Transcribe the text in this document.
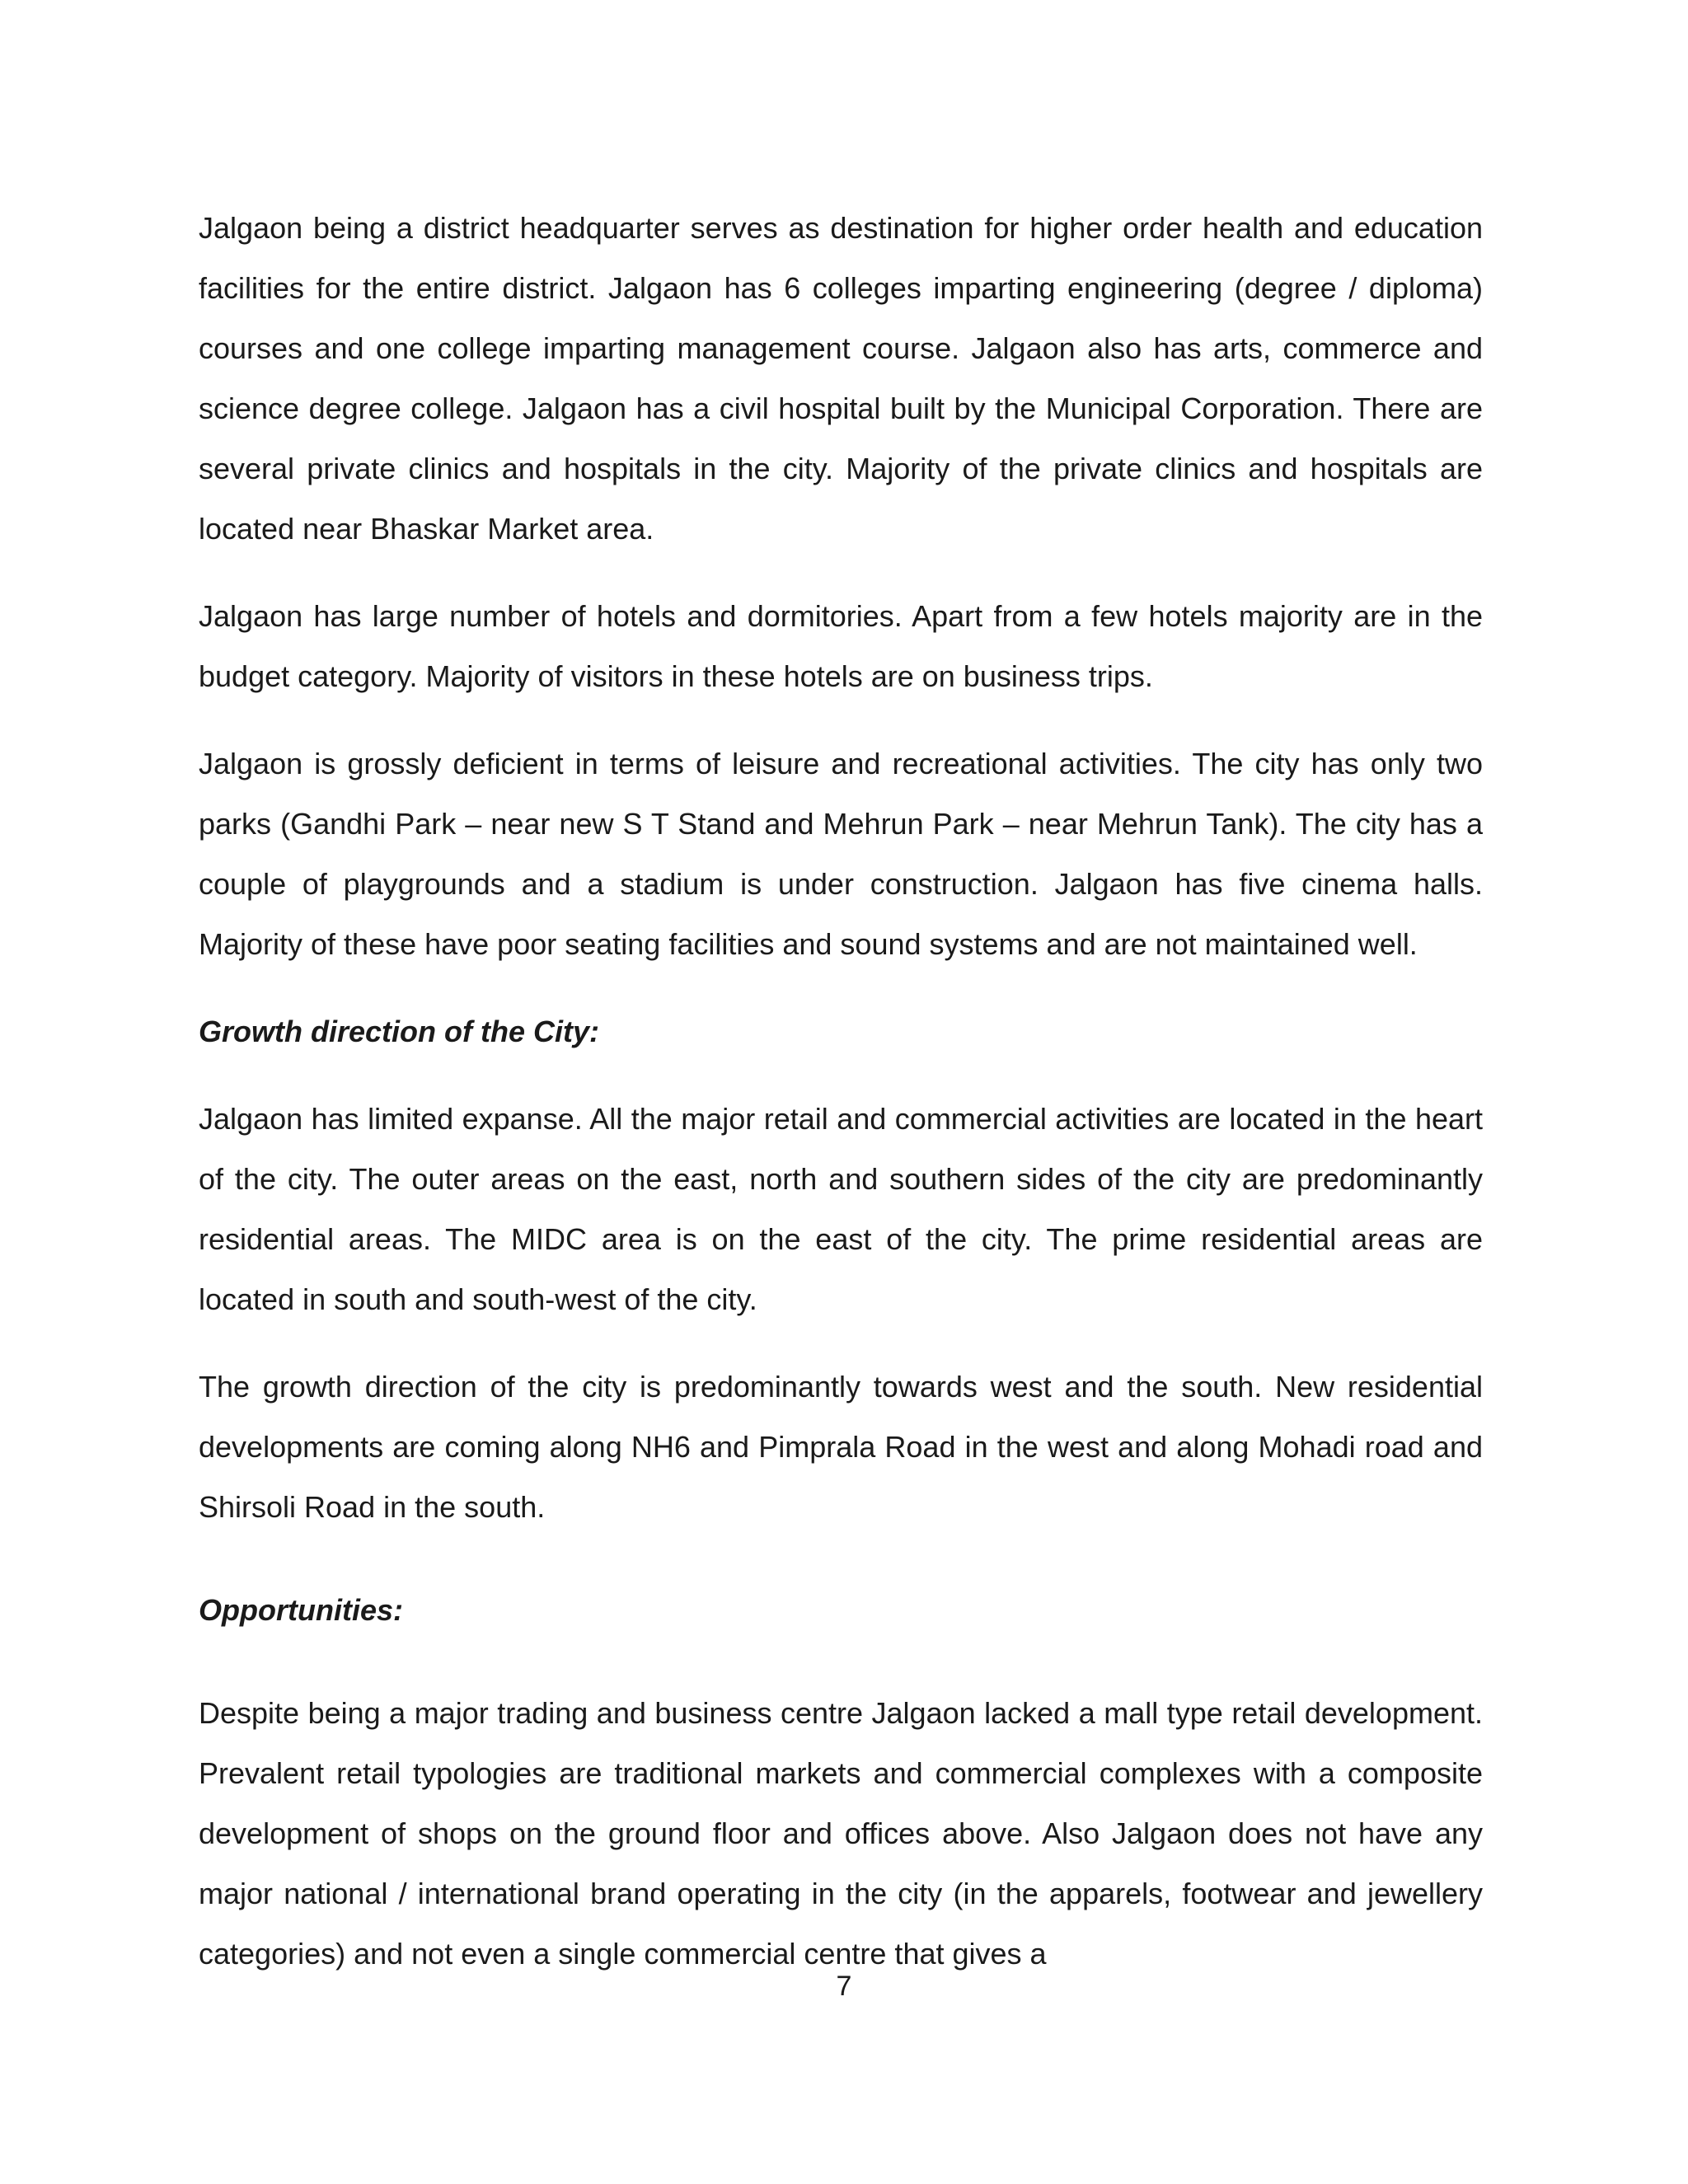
Jalgaon being a district headquarter serves as destination for higher order health and education facilities for the entire district. Jalgaon has 6 colleges imparting engineering (degree / diploma) courses and one college imparting management course. Jalgaon also has arts, commerce and science degree college. Jalgaon has a civil hospital built by the Municipal Corporation. There are several private clinics and hospitals in the city. Majority of the private clinics and hospitals are located near Bhaskar Market area.

Jalgaon has large number of hotels and dormitories. Apart from a few hotels majority are in the budget category. Majority of visitors in these hotels are on business trips.

Jalgaon is grossly deficient in terms of leisure and recreational activities. The city has only two parks (Gandhi Park – near new S T Stand and Mehrun Park – near Mehrun Tank). The city has a couple of playgrounds and a stadium is under construction. Jalgaon has five cinema halls. Majority of these have poor seating facilities and sound systems and are not maintained well.

Growth direction of the City:

Jalgaon has limited expanse. All the major retail and commercial activities are located in the heart of the city. The outer areas on the east, north and southern sides of the city are predominantly residential areas. The MIDC area is on the east of the city. The prime residential areas are located in south and south-west of the city.

The growth direction of the city is predominantly towards west and the south. New residential developments are coming along NH6 and Pimprala Road in the west and along Mohadi road and Shirsoli Road in the south.

Opportunities:

Despite being a major trading and business centre Jalgaon lacked a mall type retail development. Prevalent retail typologies are traditional markets and commercial complexes with a composite development of shops on the ground floor and offices above. Also Jalgaon does not have any major national / international brand operating in the city (in the apparels, footwear and jewellery categories) and not even a single commercial centre that gives a

7
